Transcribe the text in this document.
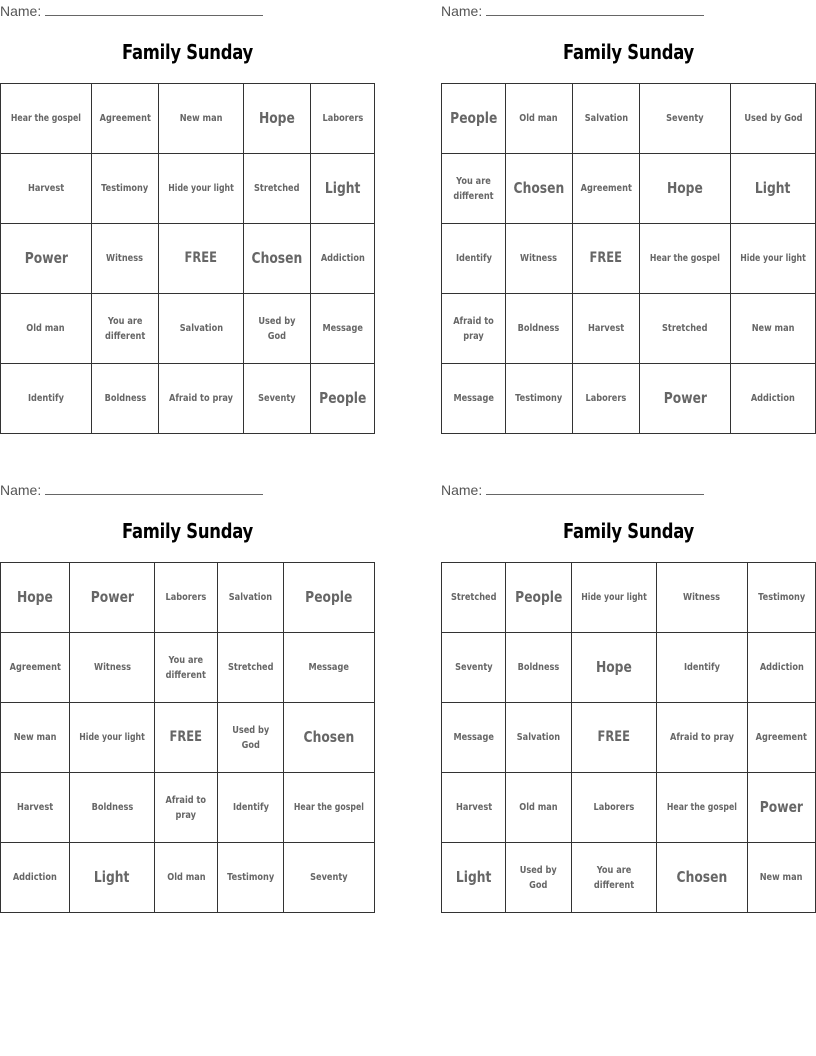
Name:
Family Sunday
Hear the gospel	Agreement	New man	Hope	Laborers
Harvest	Testimony	Hide your light	Stretched	Light
Power	Witness	FREE	Chosen	Addiction
Old man	You are different	Salvation	Used by God	Message
Identify	Boldness	Afraid to pray	Seventy	People
Name:
Family Sunday
People	Old man	Salvation	Seventy	Used by God
You are different	Chosen	Agreement	Hope	Light
Identify	Witness	FREE	Hear the gospel	Hide your light
Afraid to pray	Boldness	Harvest	Stretched	New man
Message	Testimony	Laborers	Power	Addiction
Name:
Family Sunday
Hope	Power	Laborers	Salvation	People
Agreement	Witness	You are different	Stretched	Message
New man	Hide your light	FREE	Used by God	Chosen
Harvest	Boldness	Afraid to pray	Identify	Hear the gospel
Addiction	Light	Old man	Testimony	Seventy
Name:
Family Sunday
Stretched	People	Hide your light	Witness	Testimony
Seventy	Boldness	Hope	Identify	Addiction
Message	Salvation	FREE	Afraid to pray	Agreement
Harvest	Old man	Laborers	Hear the gospel	Power
Light	Used by God	You are different	Chosen	New man
